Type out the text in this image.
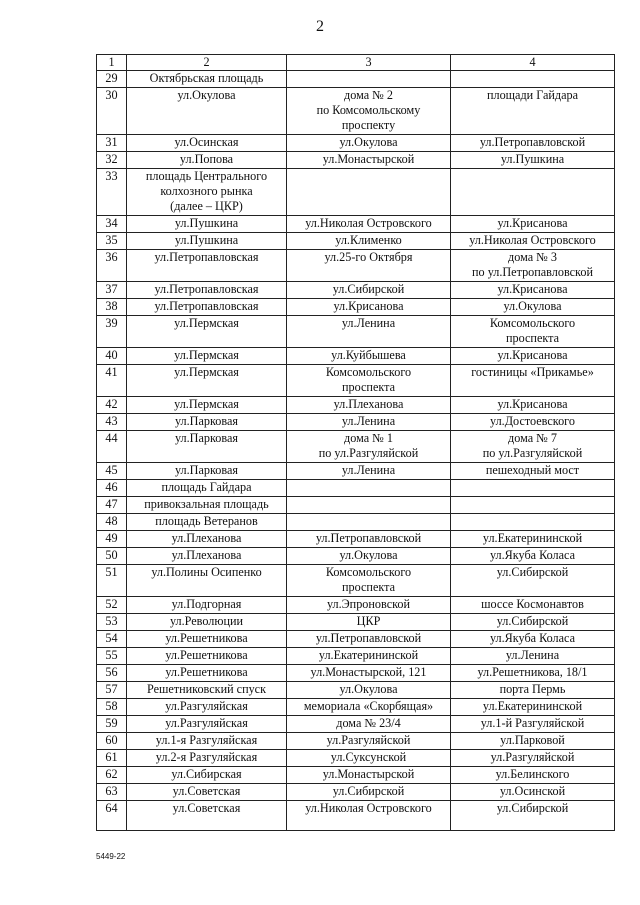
2
1	2	3	4
29	Октябрьская площадь		
30	ул.Окулова	дома № 2
по Комсомольскому
проспекту	площади Гайдара
31	ул.Осинская	ул.Окулова	ул.Петропавловской
32	ул.Попова	ул.Монастырской	ул.Пушкина
33	площадь Центрального
колхозного рынка
(далее – ЦКР)		
34	ул.Пушкина	ул.Николая Островского	ул.Крисанова
35	ул.Пушкина	ул.Клименко	ул.Николая Островского
36	ул.Петропавловская	ул.25-го Октября	дома № 3
по ул.Петропавловской
37	ул.Петропавловская	ул.Сибирской	ул.Крисанова
38	ул.Петропавловская	ул.Крисанова	ул.Окулова
39	ул.Пермская	ул.Ленина	Комсомольского
проспекта
40	ул.Пермская	ул.Куйбышева	ул.Крисанова
41	ул.Пермская	Комсомольского
проспекта	гостиницы «Прикамье»
42	ул.Пермская	ул.Плеханова	ул.Крисанова
43	ул.Парковая	ул.Ленина	ул.Достоевского
44	ул.Парковая	дома № 1
по ул.Разгуляйской	дома № 7
по ул.Разгуляйской
45	ул.Парковая	ул.Ленина	пешеходный мост
46	площадь Гайдара		
47	привокзальная площадь		
48	площадь Ветеранов		
49	ул.Плеханова	ул.Петропавловской	ул.Екатерининской
50	ул.Плеханова	ул.Окулова	ул.Якуба Коласа
51	ул.Полины Осипенко	Комсомольского
проспекта	ул.Сибирской
52	ул.Подгорная	ул.Эпроновской	шоссе Космонавтов
53	ул.Революции	ЦКР	ул.Сибирской
54	ул.Решетникова	ул.Петропавловской	ул.Якуба Коласа
55	ул.Решетникова	ул.Екатерининской	ул.Ленина
56	ул.Решетникова	ул.Монастырской, 121	ул.Решетникова, 18/1
57	Решетниковский спуск	ул.Окулова	порта Пермь
58	ул.Разгуляйская	мемориала «Скорбящая»	ул.Екатерининской
59	ул.Разгуляйская	дома № 23/4	ул.1-й Разгуляйской
60	ул.1-я Разгуляйская	ул.Разгуляйской	ул.Парковой
61	ул.2-я Разгуляйская	ул.Суксунской	ул.Разгуляйской
62	ул.Сибирская	ул.Монастырской	ул.Белинского
63	ул.Советская	ул.Сибирской	ул.Осинской
64	ул.Советская	ул.Николая Островского	ул.Сибирской
5449-22
